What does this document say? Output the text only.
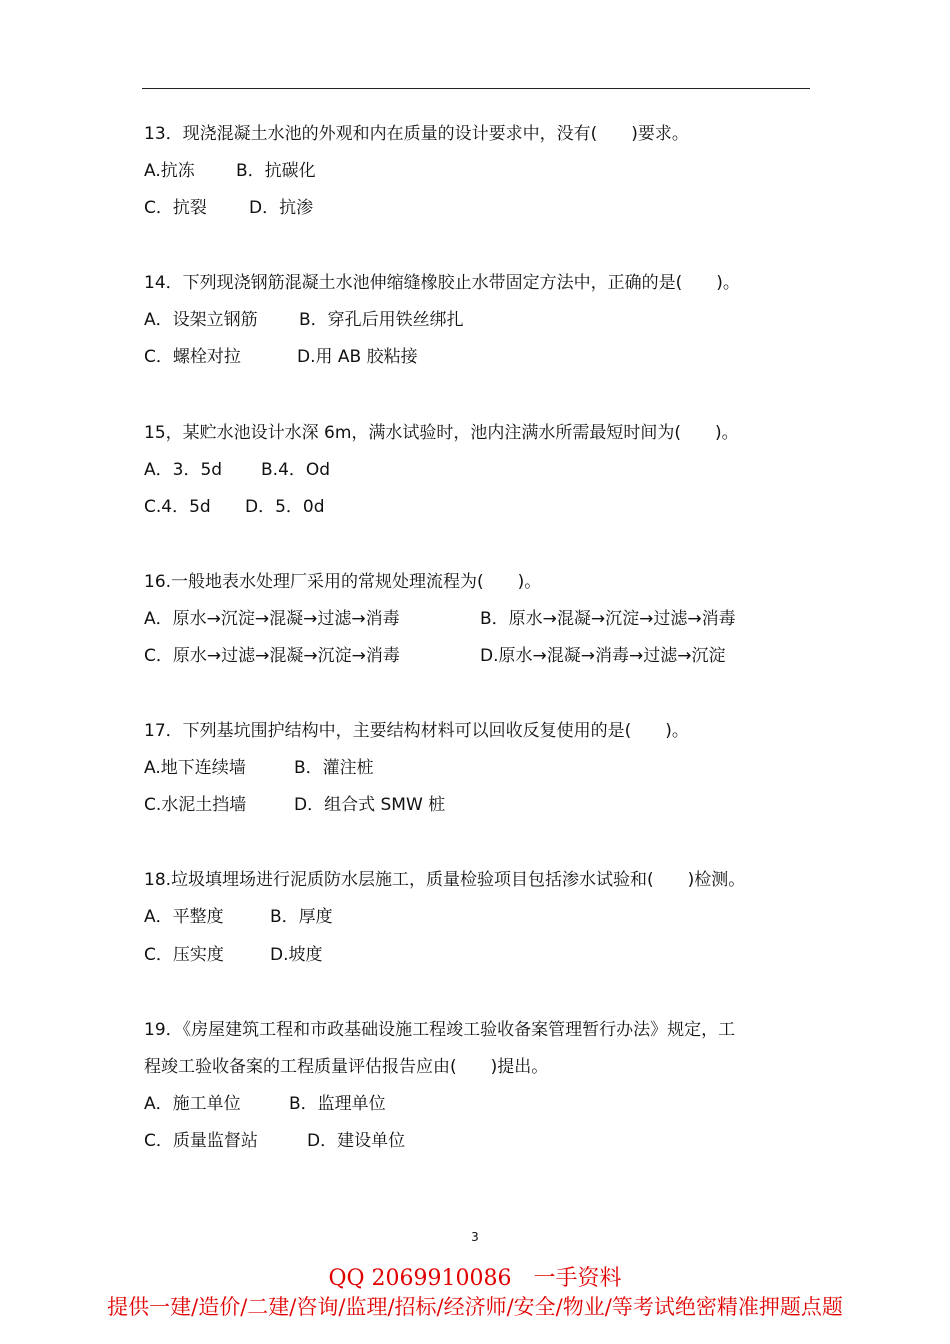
13．现浇混凝土水池的外观和内在质量的设计要求中，没有(　　)要求。
A.抗冻 B．抗碳化
C．抗裂 D．抗渗
14．下列现浇钢筋混凝土水池伸缩缝橡胶止水带固定方法中，正确的是(　　)。
A．设架立钢筋 B．穿孔后用铁丝绑扎
C．螺栓对拉	D.用 AB 胶粘接
15，某贮水池设计水深 6m，满水试验时，池内注满水所需最短时间为(　　)。
A．3．5d B.4．Od
C.4．5d D．5．0d
16.一般地表水处理厂采用的常规处理流程为(　　)。
A．原水→沉淀→混凝→过滤→消毒	B．原水→混凝→沉淀→过滤→消毒
C．原水→过滤→混凝→沉淀→消毒	D.原水→混凝→消毒→过滤→沉淀
17．下列基坑围护结构中，主要结构材料可以回收反复使用的是(　　)。
A.地下连续墙	B．灌注桩
C.水泥土挡墙	D．组合式 SMW 桩
18.垃圾填埋场进行泥质防水层施工，质量检验项目包括渗水试验和(　　)检测。
A．平整度	B．厚度
C．压实度	D.坡度
19．《房屋建筑工程和市政基础设施工程竣工验收备案管理暂行办法》规定，工
程竣工验收备案的工程质量评估报告应由(　　)提出。
A．施工单位	B．监理单位
C．质量监督站	D．建设单位
3
QQ 2069910086　一手资料
提供一建/造价/二建/咨询/监理/招标/经济师/安全/物业/等考试绝密精准押题点题
